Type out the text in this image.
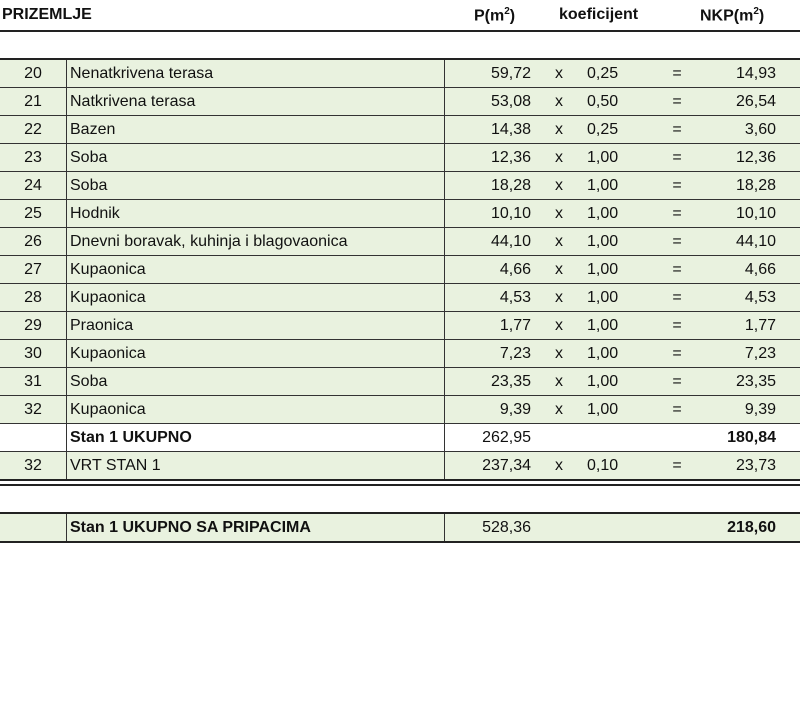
PRIZEMLJE	$P(m^2)$	koeficijent	$NKP(m^2)$
20	Nenatkrivena terasa	59,72	x	0,25	=	14,93
21	Natkrivena terasa	53,08	x	0,50	=	26,54
22	Bazen	14,38	x	0,25	=	3,60
23	Soba	12,36	x	1,00	=	12,36
24	Soba	18,28	x	1,00	=	18,28
25	Hodnik	10,10	x	1,00	=	10,10
26	Dnevni boravak, kuhinja i blagovaonica	44,10	x	1,00	=	44,10
27	Kupaonica	4,66	x	1,00	=	4,66
28	Kupaonica	4,53	x	1,00	=	4,53
29	Praonica	1,77	x	1,00	=	1,77
30	Kupaonica	7,23	x	1,00	=	7,23
31	Soba	23,35	x	1,00	=	23,35
32	Kupaonica	9,39	x	1,00	=	9,39
	Stan 1 UKUPNO	262,95				180,84
32	VRT STAN 1	237,34	x	0,10	=	23,73
	Stan 1 UKUPNO SA PRIPACIMA	528,36				218,60
